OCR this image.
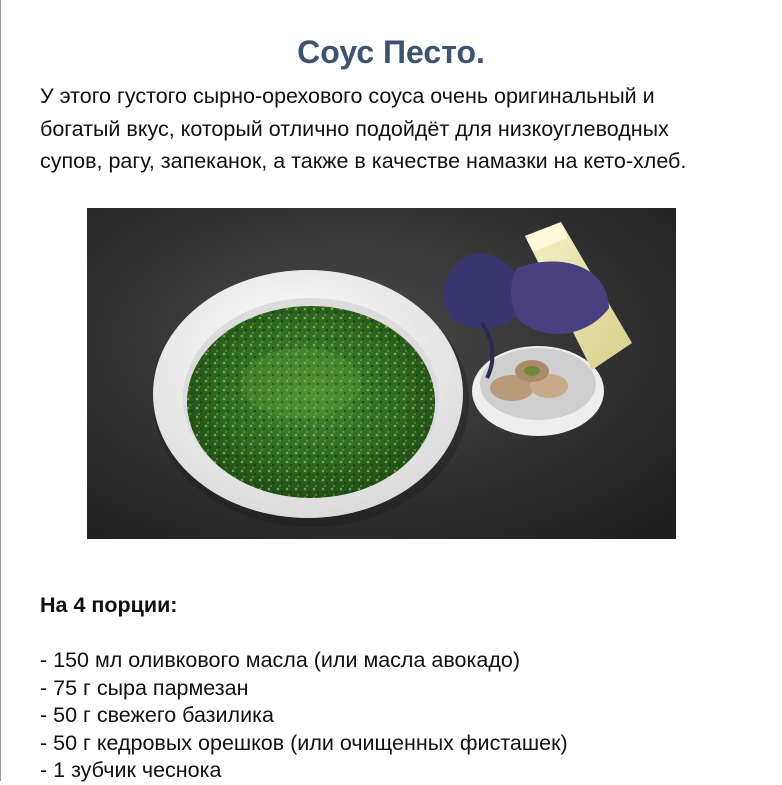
Соус Песто.

У этого густого сырно-орехового соуса очень оригинальный и
богатый вкус, который отлично подойдёт для низкоуглеводных
супов, рагу, запеканок, а также в качестве намазки на кето-хлеб.

На 4 порции:

- 150 мл оливкового масла (или масла авокадо)
- 75 г сыра пармезан
- 50 г свежего базилика
- 50 г кедровых орешков (или очищенных фисташек)
- 1 зубчик чеснока
